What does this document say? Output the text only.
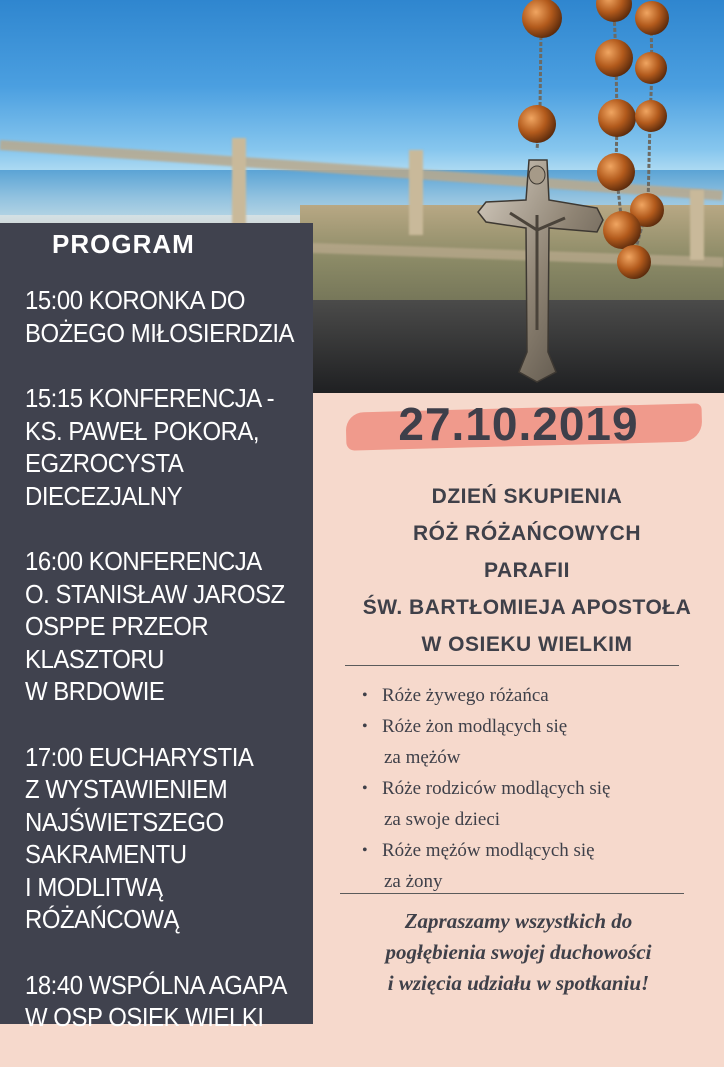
PROGRAM
15:00 KORONKA DO
BOŻEGO MIŁOSIERDZIA
15:15 KONFERENCJA -
KS. PAWEŁ POKORA,
EGZROCYSTA
DIECEZJALNY
16:00 KONFERENCJA
O. STANISŁAW JAROSZ
OSPPE PRZEOR
KLASZTORU
W BRDOWIE
17:00 EUCHARYSTIA
Z WYSTAWIENIEM
NAJŚWIETSZEGO
SAKRAMENTU
I MODLITWĄ RÓŻAŃCOWĄ
18:40 WSPÓLNA AGAPA
W OSP OSIEK WIELKI
27.10.2019
DZIEŃ SKUPIENIA
RÓŻ RÓŻAŃCOWYCH
PARAFII
ŚW. BARTŁOMIEJA APOSTOŁA
W OSIEKU WIELKIM
• Róże żywego różańca
• Róże żon modlących się
za mężów
• Róże rodziców modlących się
za swoje dzieci
• Róże mężów modlących się
za żony
Zapraszamy wszystkich do
pogłębienia swojej duchowości
i wzięcia udziału w spotkaniu!
